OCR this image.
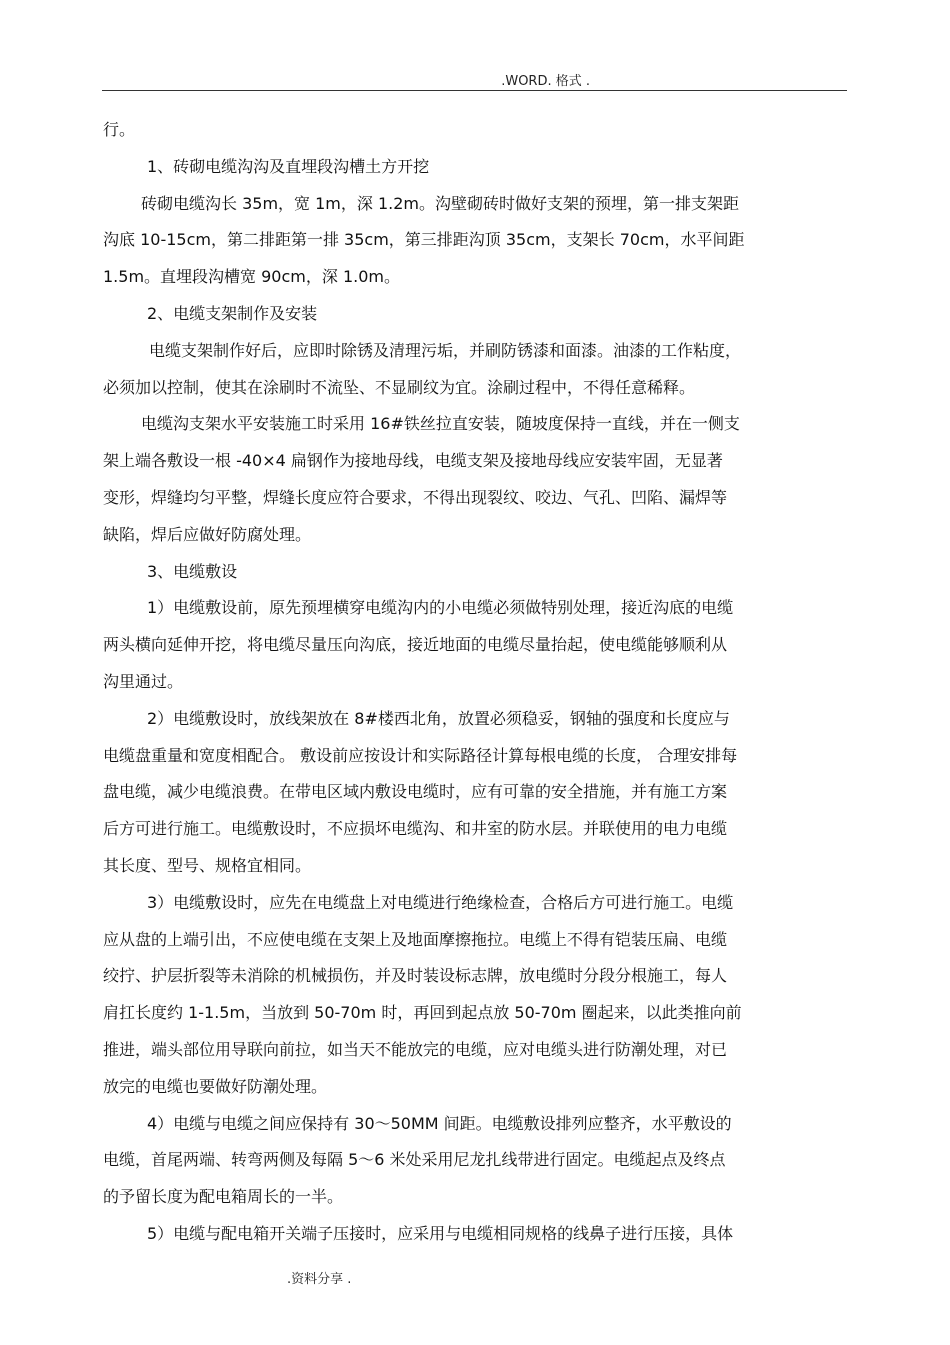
.WORD. 格式 .
行。
1、砖砌电缆沟沟及直埋段沟槽土方开挖
砖砌电缆沟长 35m，宽 1m，深 1.2m。沟壁砌砖时做好支架的预埋，第一排支架距
沟底 10-15cm，第二排距第一排 35cm，第三排距沟顶 35cm，支架长 70cm，水平间距
1.5m。直埋段沟槽宽 90cm，深 1.0m。
2、电缆支架制作及安装
电缆支架制作好后，应即时除锈及清理污垢，并刷防锈漆和面漆。油漆的工作粘度，
必须加以控制，使其在涂刷时不流坠、不显刷纹为宜。涂刷过程中，不得任意稀释。
电缆沟支架水平安装施工时采用 16#铁丝拉直安装，随坡度保持一直线，并在一侧支
架上端各敷设一根 -40×4 扁钢作为接地母线，电缆支架及接地母线应安装牢固，无显著
变形，焊缝均匀平整，焊缝长度应符合要求，不得出现裂纹、咬边、气孔、凹陷、漏焊等
缺陷，焊后应做好防腐处理。
3、电缆敷设
1）电缆敷设前，原先预埋横穿电缆沟内的小电缆必须做特别处理，接近沟底的电缆
两头横向延伸开挖，将电缆尽量压向沟底，接近地面的电缆尽量抬起，使电缆能够顺利从
沟里通过。
2）电缆敷设时，放线架放在 8#楼西北角，放置必须稳妥，钢轴的强度和长度应与
电缆盘重量和宽度相配合。 敷设前应按设计和实际路径计算每根电缆的长度， 合理安排每
盘电缆，减少电缆浪费。在带电区域内敷设电缆时，应有可靠的安全措施，并有施工方案
后方可进行施工。电缆敷设时，不应损坏电缆沟、和井室的防水层。并联使用的电力电缆
其长度、型号、规格宜相同。
3）电缆敷设时，应先在电缆盘上对电缆进行绝缘检查，合格后方可进行施工。电缆
应从盘的上端引出，不应使电缆在支架上及地面摩擦拖拉。电缆上不得有铠装压扁、电缆
绞拧、护层折裂等未消除的机械损伤，并及时装设标志牌，放电缆时分段分根施工，每人
肩扛长度约 1-1.5m，当放到 50-70m 时，再回到起点放 50-70m 圈起来，以此类推向前
推进，端头部位用导联向前拉，如当天不能放完的电缆，应对电缆头进行防潮处理，对已
放完的电缆也要做好防潮处理。
4）电缆与电缆之间应保持有 30～50MM 间距。电缆敷设排列应整齐，水平敷设的
电缆，首尾两端、转弯两侧及每隔 5～6 米处采用尼龙扎线带进行固定。电缆起点及终点
的予留长度为配电箱周长的一半。
5）电缆与配电箱开关端子压接时，应采用与电缆相同规格的线鼻子进行压接，具体
.资料分享 .
